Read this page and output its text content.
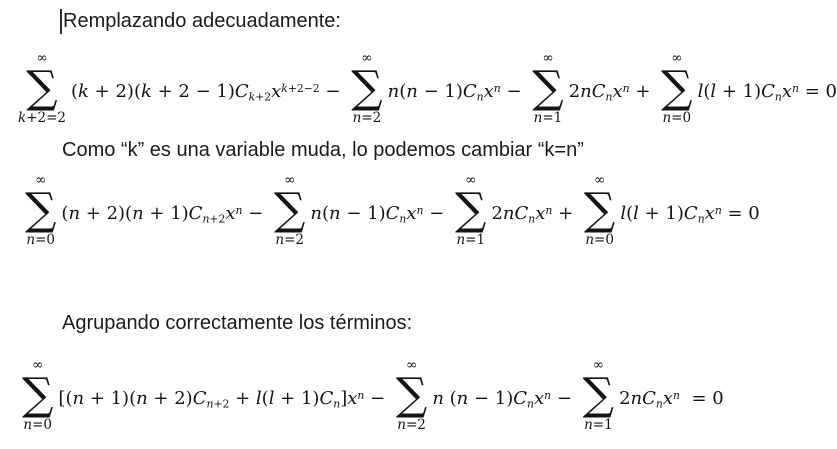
Remplazando adecuadamente:

∞
∑
k+2=2
$(k + 2)(k + 2 - 1)Ck+2x^{k+2-2}$ −
∞
∑
n=2
n(n − 1)Cnx$^n$ −
∞
∑
n=1
2nCnx$^n$ +
∞
∑
n=0
l(l + 1)Cnx$^n$ = 0

Como “k” es una variable muda, lo podemos cambiar “k=n”

∞
∑
n=0
$(n + 2)(n + 1)Cn+2x^n$ −
∞
∑
n=2
n(n − 1)Cnx$^n$ −
∞
∑
n=1
2nCnx$^n$ +
∞
∑
n=0
l(l + 1)Cnx$^n$ = 0

Agrupando correctamente los términos:

∞
∑
n=0
$[(n + 1)(n + 2)Cn+2 + l(l + 1)Cn]x^n$ −
∞
∑
n=2
n (n − 1)Cnx$^n$ −
∞
∑
n=1
2nCnx$^n$  = 0
